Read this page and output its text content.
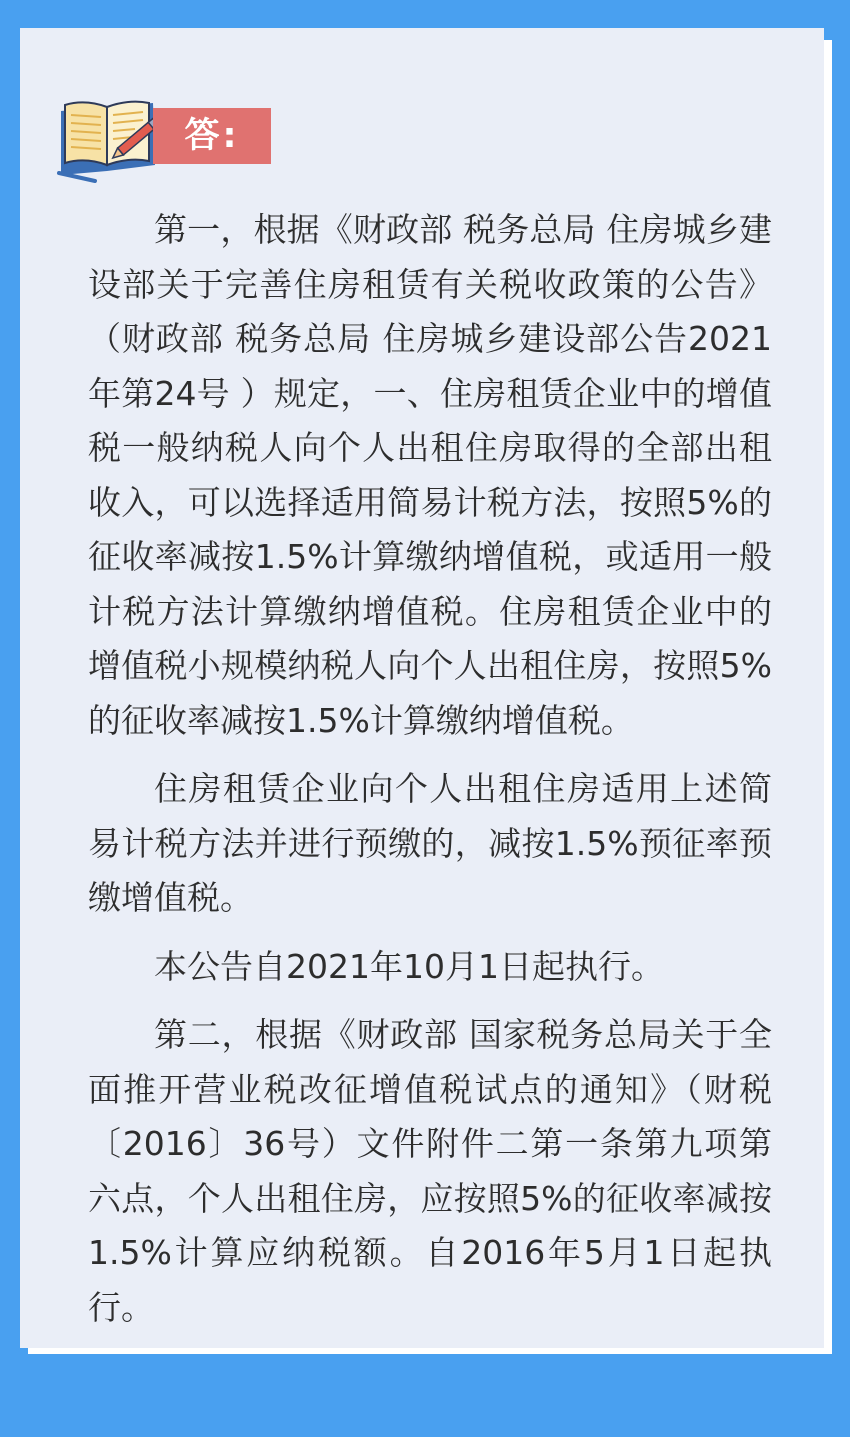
答:

第一，根据《财政部 税务总局 住房城乡建设部关于完善住房租赁有关税收政策的公告》（财政部 税务总局 住房城乡建设部公告2021年第24号 ）规定，一、住房租赁企业中的增值税一般纳税人向个人出租住房取得的全部出租收入，可以选择适用简易计税方法，按照5%的征收率减按1.5%计算缴纳增值税，或适用一般计税方法计算缴纳增值税。住房租赁企业中的增值税小规模纳税人向个人出租住房，按照5%的征收率减按1.5%计算缴纳增值税。

住房租赁企业向个人出租住房适用上述简易计税方法并进行预缴的，减按1.5%预征率预缴增值税。

本公告自2021年10月1日起执行。

第二，根据《财政部 国家税务总局关于全面推开营业税改征增值税试点的通知》（财税〔2016〕36号）文件附件二第一条第九项第六点，个人出租住房，应按照5%的征收率减按1.5%计算应纳税额。自2016年5月1日起执行。
